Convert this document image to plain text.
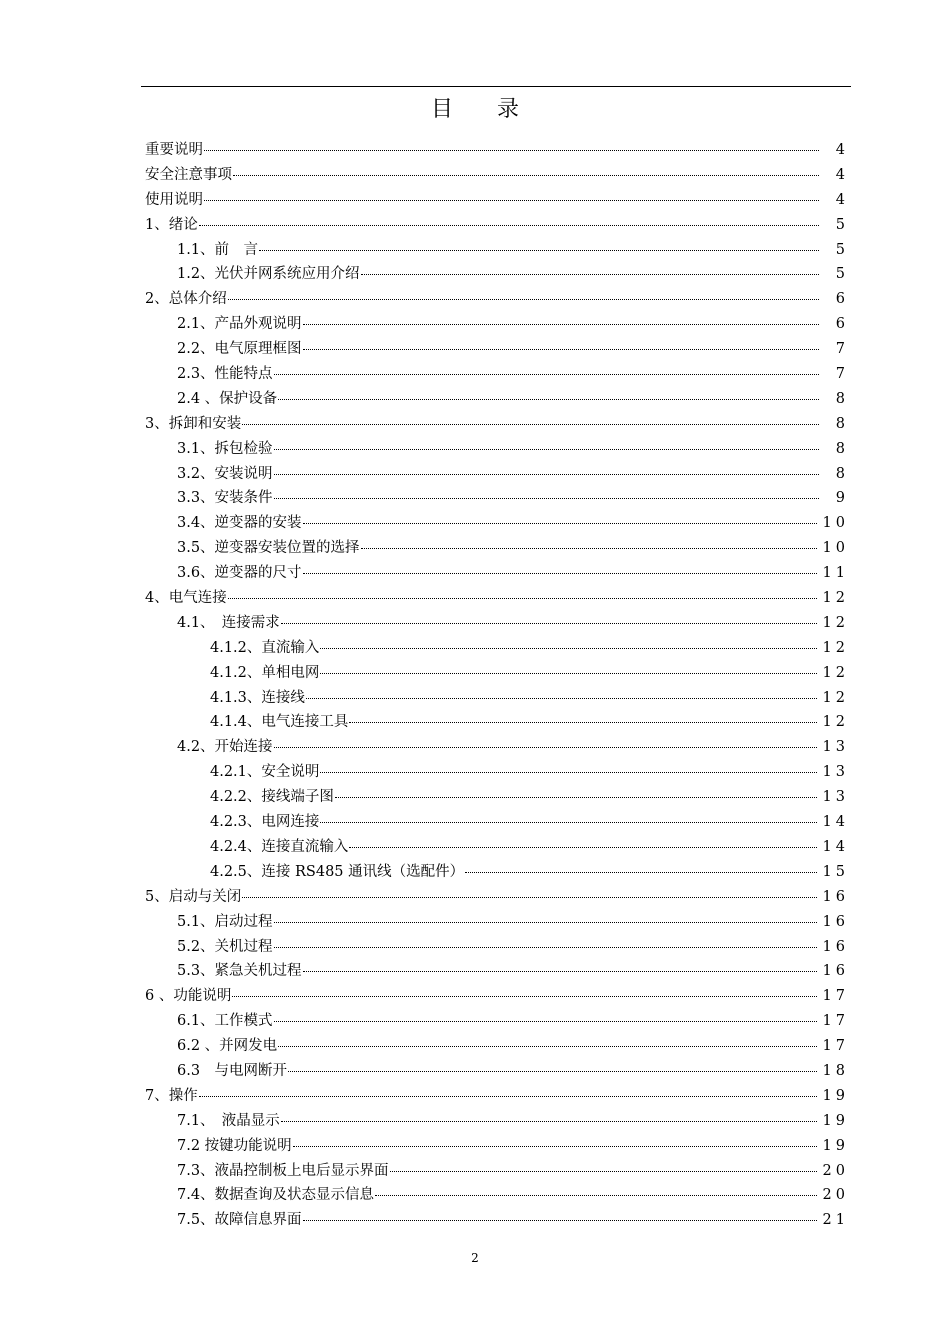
目 录
重要说明	4
安全注意事项	4
使用说明	4
1、绪论	5
1.1、前　言	5
1.2、光伏并网系统应用介绍	5
2、总体介绍	6
2.1、产品外观说明	6
2.2、电气原理框图	7
2.3、性能特点	7
2.4 、保护设备	8
3、拆卸和安装	8
3.1、拆包检验	8
3.2、安装说明	8
3.3、安装条件	9
3.4、逆变器的安装	10
3.5、逆变器安装位置的选择	10
3.6、逆变器的尺寸	11
4、电气连接	12
4.1、　连接需求	12
4.1.2、直流输入	12
4.1.2、单相电网	12
4.1.3、连接线	12
4.1.4、电气连接工具	12
4.2、开始连接	13
4.2.1、安全说明	13
4.2.2、接线端子图	13
4.2.3、电网连接	14
4.2.4、连接直流输入	14
4.2.5、连接 RS485 通讯线（选配件）	15
5、启动与关闭	16
5.1、启动过程	16
5.2、关机过程	16
5.3、紧急关机过程	16
6 、功能说明	17
6.1、工作模式	17
6.2 、并网发电	17
6.3　与电网断开	18
7、操作	19
7.1、　液晶显示	19
7.2 按键功能说明	19
7.3、液晶控制板上电后显示界面	20
7.4、数据查询及状态显示信息	20
7.5、故障信息界面	21
2
